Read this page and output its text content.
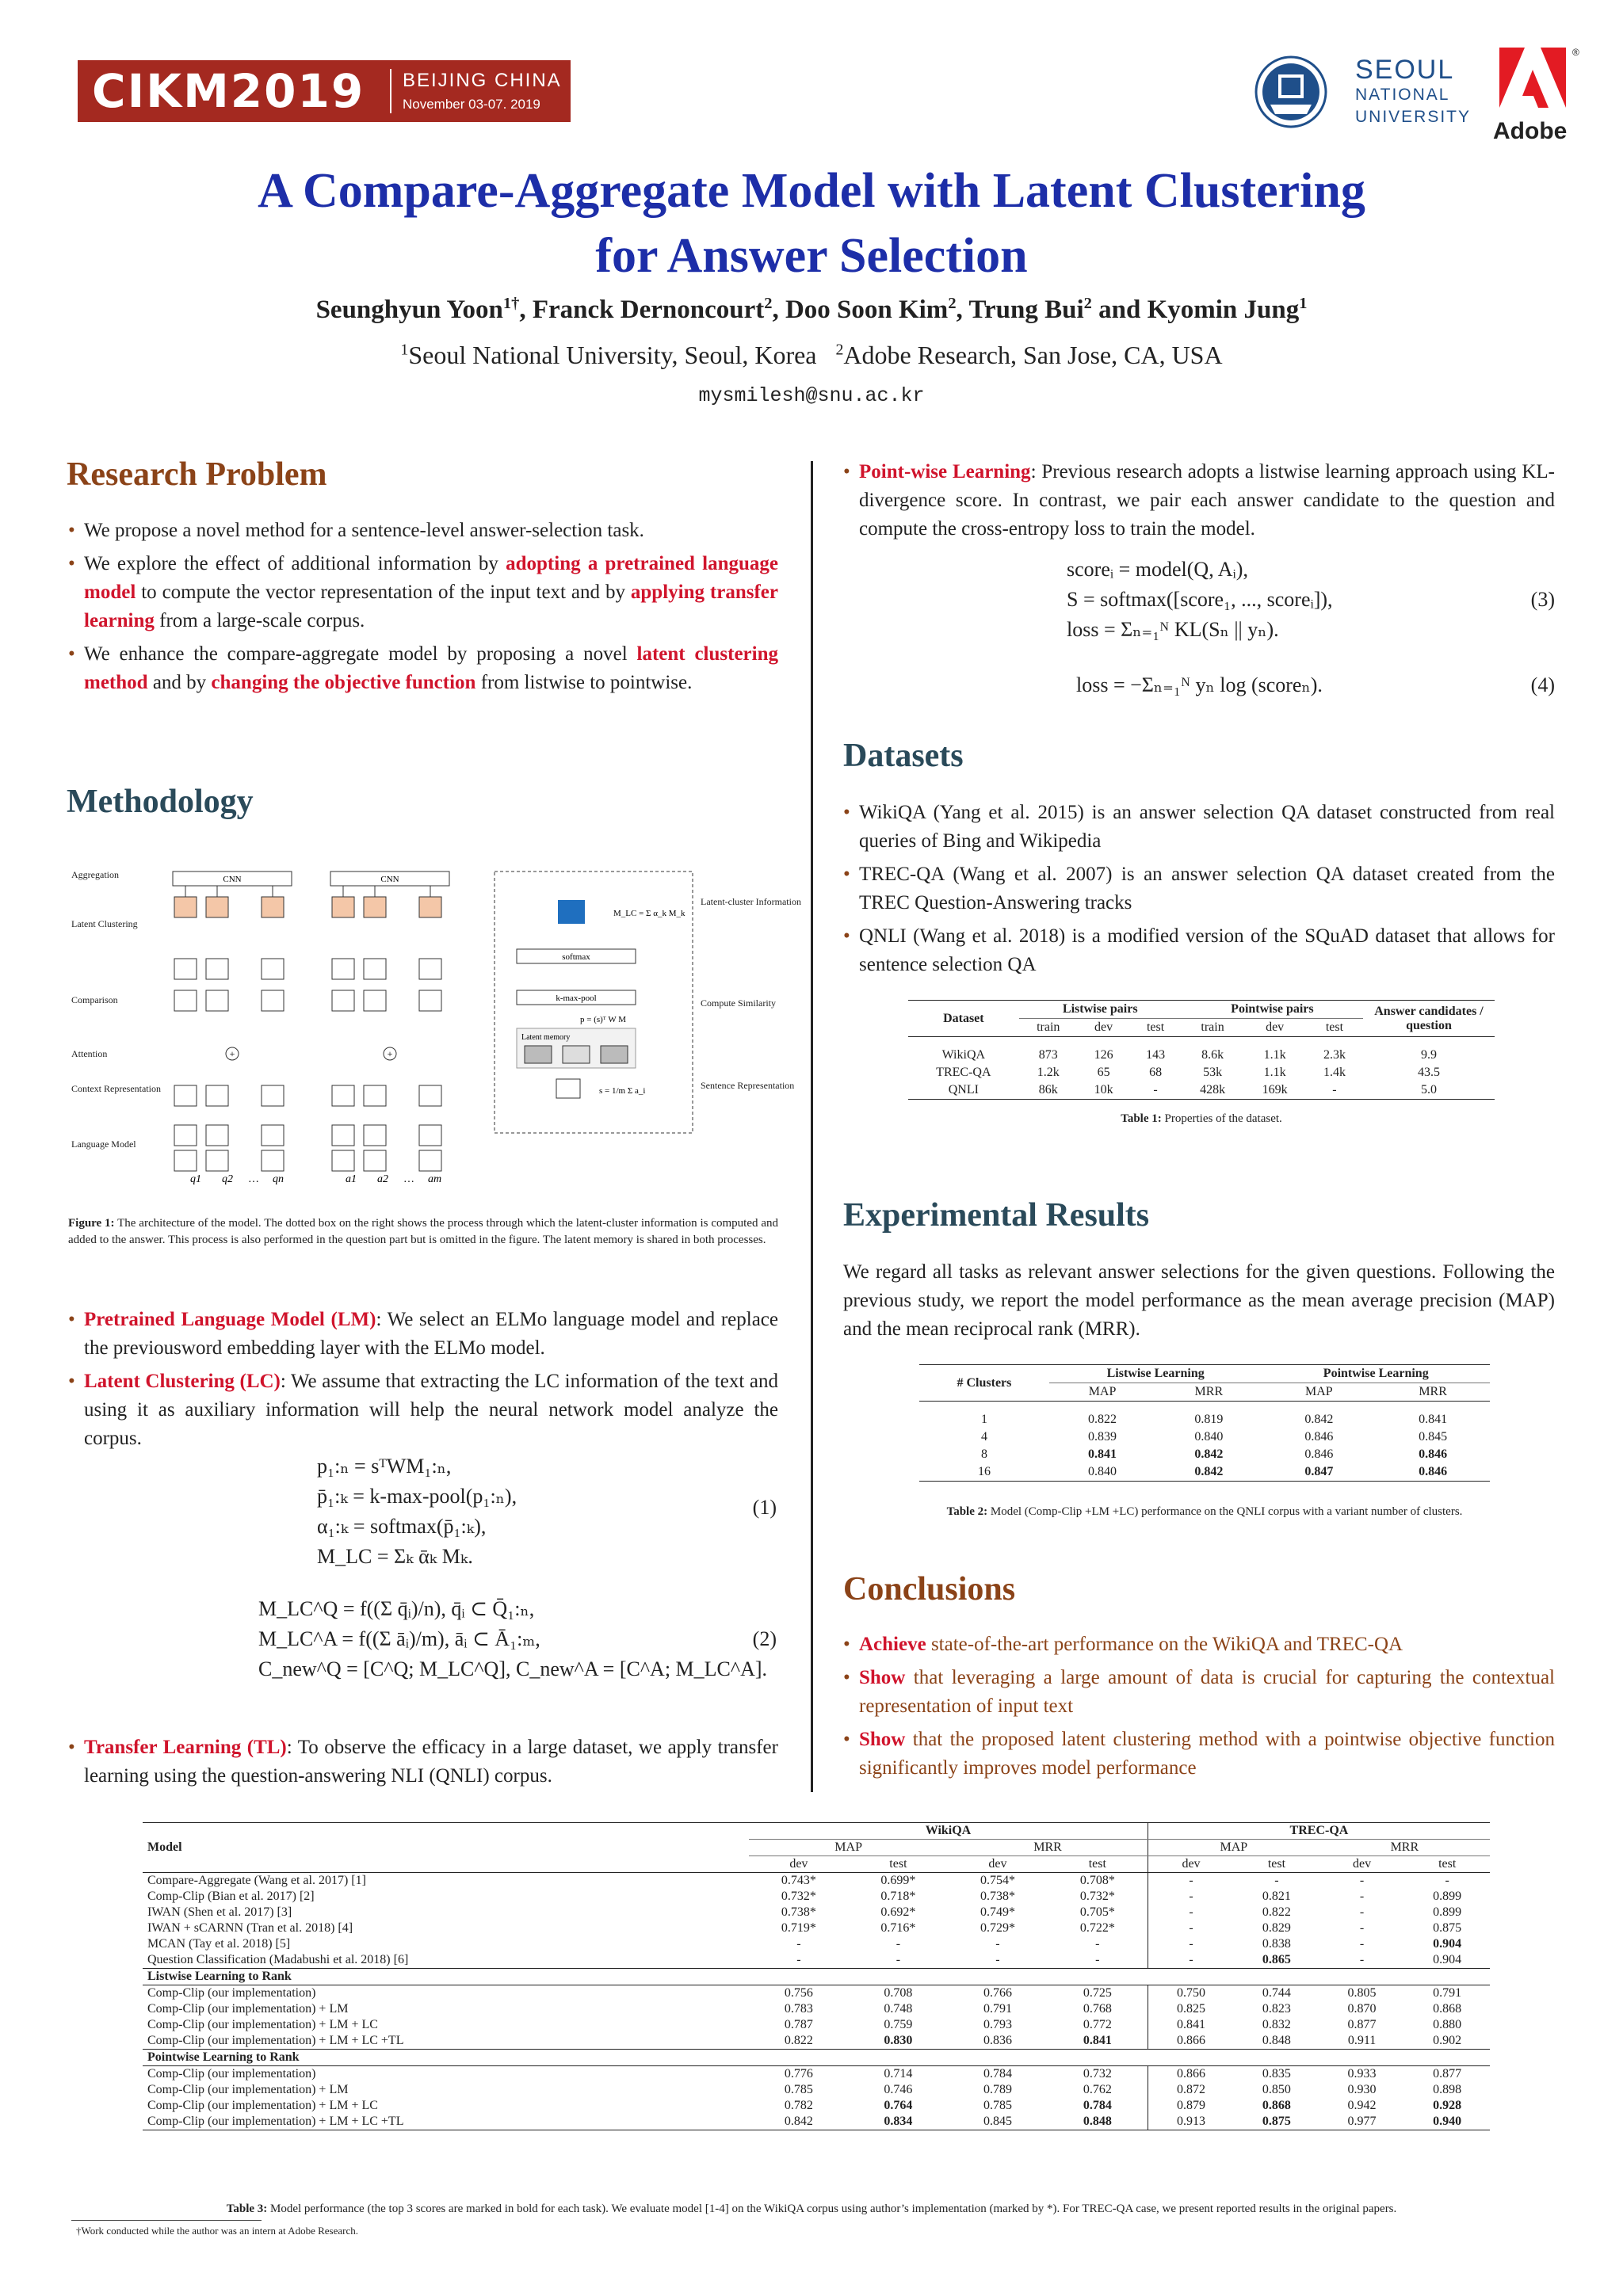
CIKM2019	BEIJING CHINA
November 03-07. 2019
SEOUL
NATIONAL
UNIVERSITY
®
Adobe
A Compare-Aggregate Model with Latent Clustering
for Answer Selection
Seunghyun Yoon$^{1\dagger}$, Franck Dernoncourt$^2$, Doo Soon Kim$^2$, Trung Bui$^2$ and Kyomin Jung$^1$
$^1$Seoul National University, Seoul, Korea $^2$Adobe Research, San Jose, CA, USA
mysmilesh@snu.ac.kr
Research Problem
• We propose a novel method for a sentence-level answer-selection task.
• We explore the effect of additional information by adopting a pretrained language model to compute the vector representation of the input text and by applying transfer learning from a large-scale corpus.
• We enhance the compare-aggregate model by proposing a novel latent clustering method and by changing the objective function from listwise to pointwise.
Methodology
Aggregation
Latent Clustering
Comparison
Attention
Context Representation
Language Model
Latent-cluster Information
Compute Similarity
Sentence Representation
CNN	CNN
+	+
M_LC = Σ α_k M_k
softmax
k-max-pool
p = (s)ᵀ W M
Latent memory
s = 1/m Σ a_i
q1 q2 … qn	a1 a2 … am
Figure 1: The architecture of the model. The dotted box on the right shows the process through which the latent-cluster information is computed and added to the answer. This process is also performed in the question part but is omitted in the figure. The latent memory is shared in both processes.
• Pretrained Language Model (LM): We select an ELMo language model and replace the previousword embedding layer with the ELMo model.
• Latent Clustering (LC): We assume that extracting the LC information of the text and using it as auxiliary information will help the neural network model analyze the corpus.
p₁:ₙ = sᵀWM₁:ₙ,
p̄₁:ₖ = k-max-pool(p₁:ₙ),
α₁:ₖ = softmax(p̄₁:ₖ),
M_LC = Σₖ ᾱₖ Mₖ.
(1)
M_LC^Q = f((Σ q̄ᵢ)/n), q̄ᵢ ⊂ Q̄₁:ₙ,
M_LC^A = f((Σ āᵢ)/m), āᵢ ⊂ Ā₁:ₘ,
C_new^Q = [C^Q; M_LC^Q], C_new^A = [C^A; M_LC^A].
(2)
• Transfer Learning (TL): To observe the efficacy in a large dataset, we apply transfer learning using the question-answering NLI (QNLI) corpus.
• Point-wise Learning: Previous research adopts a listwise learning approach using KL-divergence score. In contrast, we pair each answer candidate to the question and compute the cross-entropy loss to train the model.
scoreᵢ = model(Q, Aᵢ),
S = softmax([score₁, ..., scoreᵢ]),
loss = Σₙ₌₁ᴺ KL(Sₙ || yₙ).
(3)
loss = −Σₙ₌₁ᴺ yₙ log (scoreₙ).	(4)
Datasets
• WikiQA (Yang et al. 2015) is an answer selection QA dataset constructed from real queries of Bing and Wikipedia
• TREC-QA (Wang et al. 2007) is an answer selection QA dataset created from the TREC Question-Answering tracks
• QNLI (Wang et al. 2018) is a modified version of the SQuAD dataset that allows for sentence selection QA
Dataset	Listwise pairs			Pointwise pairs			Answer candidates / question
	train	dev	test	train	dev	test	
WikiQA	873	126	143	8.6k	1.1k	2.3k	9.9
TREC-QA	1.2k	65	68	53k	1.1k	1.4k	43.5
QNLI	86k	10k	-	428k	169k	-	5.0
Table 1: Properties of the dataset.
Experimental Results
We regard all tasks as relevant answer selections for the given questions. Following the previous study, we report the model performance as the mean average precision (MAP) and the mean reciprocal rank (MRR).
# Clusters	Listwise Learning		Pointwise Learning	
	MAP	MRR	MAP	MRR
1	0.822	0.819	0.842	0.841
4	0.839	0.840	0.846	0.845
8	0.841	0.842	0.846	0.846
16	0.840	0.842	0.847	0.846
Table 2: Model (Comp-Clip +LM +LC) performance on the QNLI corpus with a variant number of clusters.
Conclusions
• Achieve state-of-the-art performance on the WikiQA and TREC-QA
• Show that leveraging a large amount of data is crucial for capturing the contextual representation of input text
• Show that the proposed latent clustering method with a pointwise objective function significantly improves model performance
Model	WikiQA				TREC-QA			
	MAP		MRR		MAP		MRR	
	dev	test	dev	test	dev	test	dev	test
Compare-Aggregate (Wang et al. 2017) [1]	0.743*	0.699*	0.754*	0.708*	-	-	-	-
Comp-Clip (Bian et al. 2017) [2]	0.732*	0.718*	0.738*	0.732*	-	0.821	-	0.899
IWAN (Shen et al. 2017) [3]	0.738*	0.692*	0.749*	0.705*	-	0.822	-	0.899
IWAN + sCARNN (Tran et al. 2018) [4]	0.719*	0.716*	0.729*	0.722*	-	0.829	-	0.875
MCAN (Tay et al. 2018) [5]	-	-	-	-	-	0.838	-	0.904
Question Classification (Madabushi et al. 2018) [6]	-	-	-	-	-	0.865	-	0.904
Listwise Learning to Rank								
Comp-Clip (our implementation)	0.756	0.708	0.766	0.725	0.750	0.744	0.805	0.791
Comp-Clip (our implementation) + LM	0.783	0.748	0.791	0.768	0.825	0.823	0.870	0.868
Comp-Clip (our implementation) + LM + LC	0.787	0.759	0.793	0.772	0.841	0.832	0.877	0.880
Comp-Clip (our implementation) + LM + LC +TL	0.822	0.830	0.836	0.841	0.866	0.848	0.911	0.902
Pointwise Learning to Rank								
Comp-Clip (our implementation)	0.776	0.714	0.784	0.732	0.866	0.835	0.933	0.877
Comp-Clip (our implementation) + LM	0.785	0.746	0.789	0.762	0.872	0.850	0.930	0.898
Comp-Clip (our implementation) + LM + LC	0.782	0.764	0.785	0.784	0.879	0.868	0.942	0.928
Comp-Clip (our implementation) + LM + LC +TL	0.842	0.834	0.845	0.848	0.913	0.875	0.977	0.940
Table 3: Model performance (the top 3 scores are marked in bold for each task). We evaluate model [1-4] on the WikiQA corpus using author’s implementation (marked by *). For TREC-QA case, we present reported results in the original papers.
†Work conducted while the author was an intern at Adobe Research.
